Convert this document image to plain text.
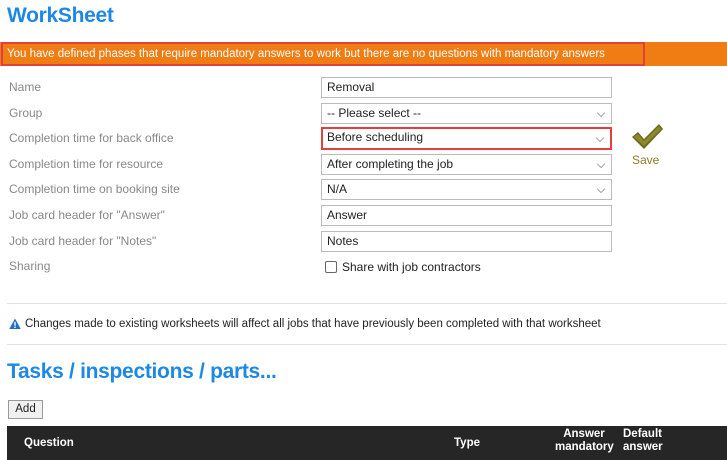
WorkSheet
You have defined phases that require mandatory answers to work but there are no questions with mandatory answers
Name
Group
Completion time for back office
Completion time for resource
Completion time on booking site
Job card header for "Answer"
Job card header for "Notes"
Sharing
Removal
-- Please select --
Before scheduling
After completing the job
N/A
Answer
Notes
Share with job contractors
Save
Changes made to existing worksheets will affect all jobs that have previously been completed with that worksheet
Tasks / inspections / parts...
Add
Question	Type
Answer
mandatory
Default
answer
